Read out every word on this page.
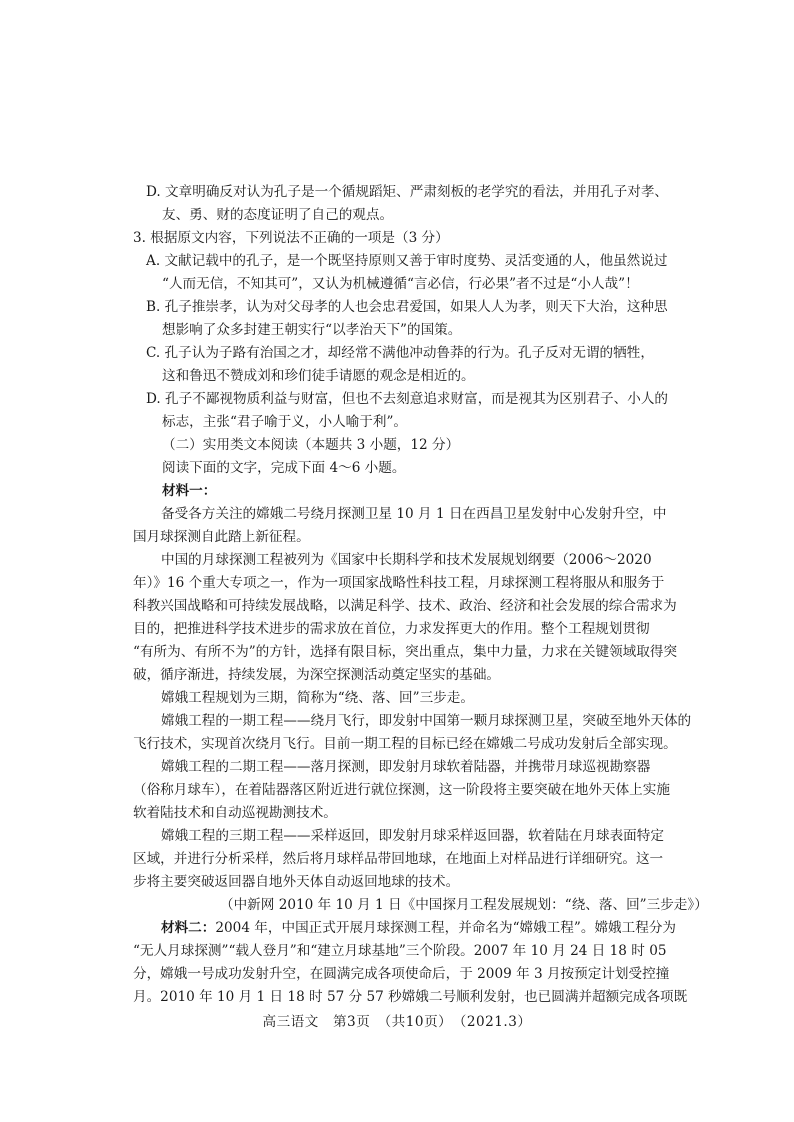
D. 文章明确反对认为孔子是一个循规蹈矩、严肃刻板的老学究的看法，并用孔子对孝、
友、勇、财的态度证明了自己的观点。
3. 根据原文内容，下列说法不正确的一项是（3 分）
A. 文献记载中的孔子，是一个既坚持原则又善于审时度势、灵活变通的人，他虽然说过
“人而无信，不知其可”，又认为机械遵循“言必信，行必果”者不过是“小人哉”！
B. 孔子推崇孝，认为对父母孝的人也会忠君爱国，如果人人为孝，则天下大治，这种思
想影响了众多封建王朝实行“以孝治天下”的国策。
C. 孔子认为子路有治国之才，却经常不满他冲动鲁莽的行为。孔子反对无谓的牺牲，
这和鲁迅不赞成刘和珍们徒手请愿的观念是相近的。
D. 孔子不鄙视物质利益与财富，但也不去刻意追求财富，而是视其为区别君子、小人的
标志，主张“君子喻于义，小人喻于利”。
（二）实用类文本阅读（本题共 3 小题，12 分）
阅读下面的文字，完成下面 4～6 小题。
材料一：
备受各方关注的嫦娥二号绕月探测卫星 10 月 1 日在西昌卫星发射中心发射升空，中
国月球探测自此踏上新征程。
中国的月球探测工程被列为《国家中长期科学和技术发展规划纲要（2006～2020
年）》16 个重大专项之一，作为一项国家战略性科技工程，月球探测工程将服从和服务于
科教兴国战略和可持续发展战略，以满足科学、技术、政治、经济和社会发展的综合需求为
目的，把推进科学技术进步的需求放在首位，力求发挥更大的作用。整个工程规划贯彻
“有所为、有所不为”的方针，选择有限目标，突出重点，集中力量，力求在关键领域取得突
破，循序渐进，持续发展，为深空探测活动奠定坚实的基础。
嫦娥工程规划为三期，简称为“绕、落、回”三步走。
嫦娥工程的一期工程——绕月飞行，即发射中国第一颗月球探测卫星，突破至地外天体的
飞行技术，实现首次绕月飞行。目前一期工程的目标已经在嫦娥二号成功发射后全部实现。
嫦娥工程的二期工程——落月探测，即发射月球软着陆器，并携带月球巡视勘察器
（俗称月球车），在着陆器落区附近进行就位探测，这一阶段将主要突破在地外天体上实施
软着陆技术和自动巡视勘测技术。
嫦娥工程的三期工程——采样返回，即发射月球采样返回器，软着陆在月球表面特定
区域，并进行分析采样，然后将月球样品带回地球，在地面上对样品进行详细研究。这一
步将主要突破返回器自地外天体自动返回地球的技术。
（中新网 2010 年 10 月 1 日《中国探月工程发展规划：“绕、落、回”三步走》）
材料二：2004 年，中国正式开展月球探测工程，并命名为“嫦娥工程”。嫦娥工程分为
“无人月球探测”“载人登月”和“建立月球基地”三个阶段。2007 年 10 月 24 日 18 时 05
分，嫦娥一号成功发射升空，在圆满完成各项使命后，于 2009 年 3 月按预定计划受控撞
月。2010 年 10 月 1 日 18 时 57 分 57 秒嫦娥二号顺利发射，也已圆满并超额完成各项既
高三语文　第3页　（共10页）　（2021.3）
